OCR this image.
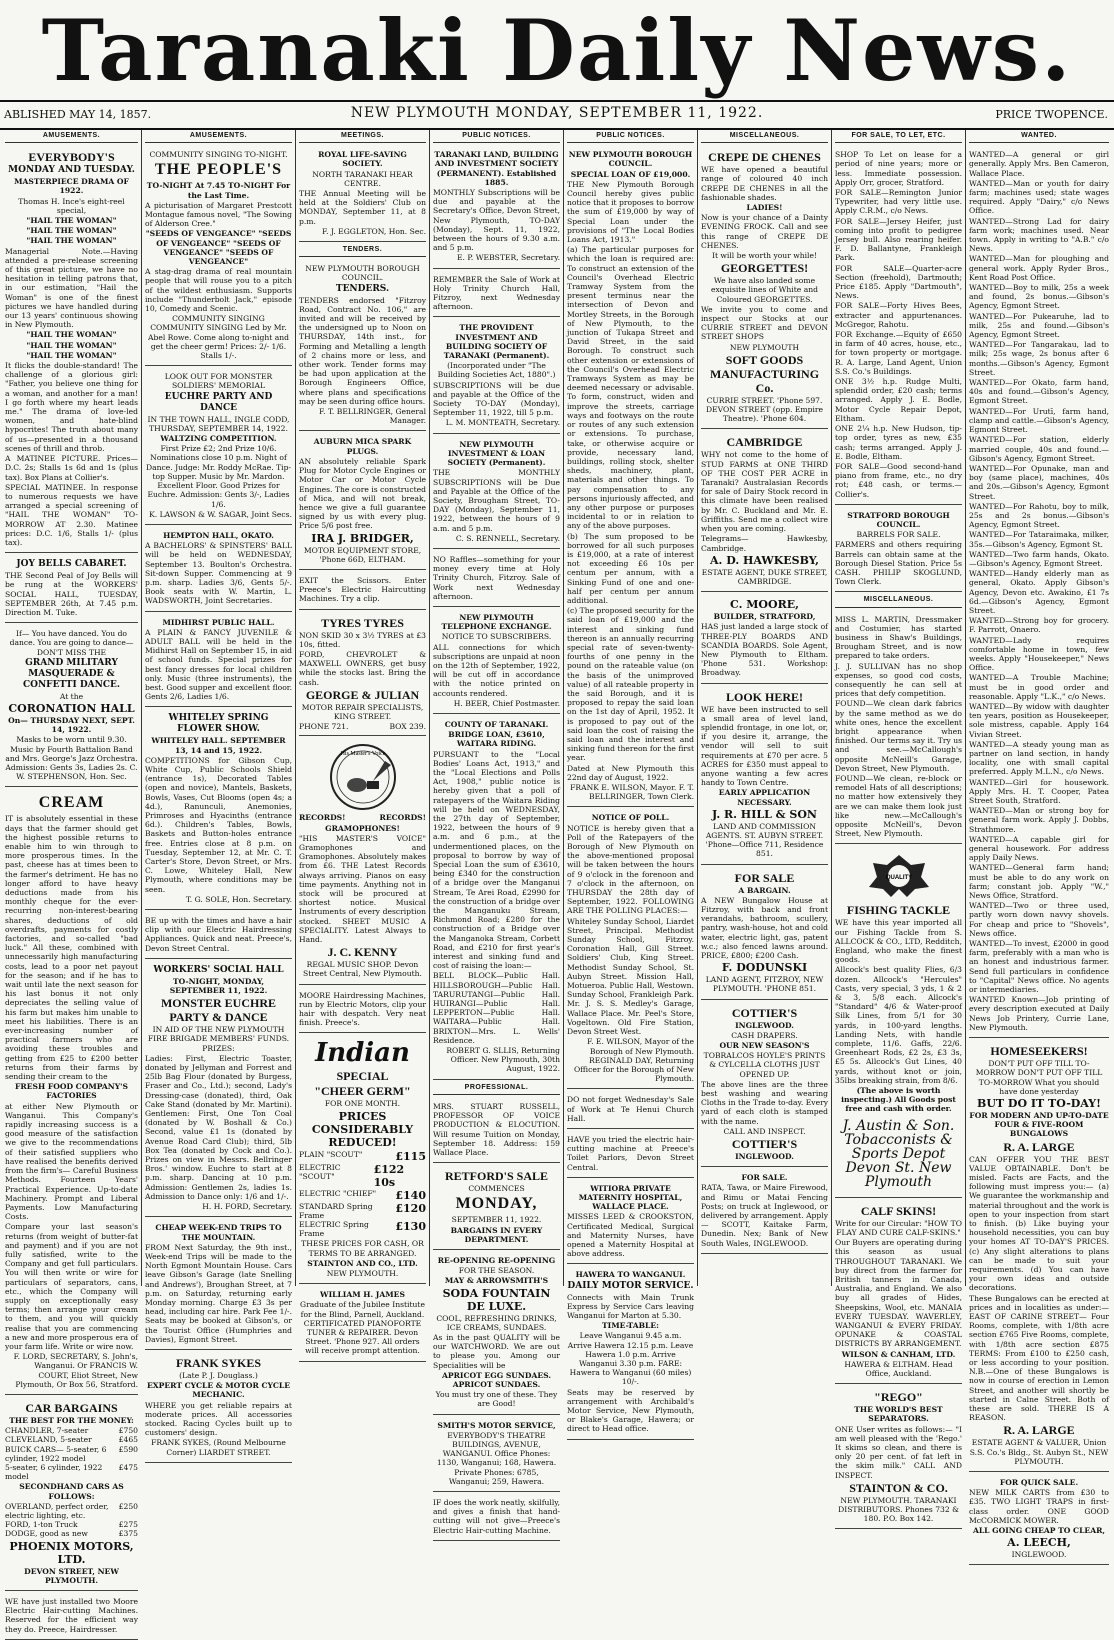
Taranaki Daily News.
ABLISHED MAY 14, 1857.	NEW PLYMOUTH MONDAY, SEPTEMBER 11, 1922.	PRICE TWOPENCE.
AMUSEMENTS.
EVERYBODY'S
MONDAY AND TUESDAY.

MASTERPIECE DRAMA OF 1922.

Thomas H. Ince's eight-reel special,

"HAIL THE WOMAN"

"HAIL THE WOMAN"

"HAIL THE WOMAN"

Managerial Note.—Having attended a pre-release screening of this great picture, we have no hesitation in telling patrons that, in our estimation, "Hail the Woman" is one of the finest pictures we have handled during our 13 years' continuous showing in New Plymouth.

"HAIL THE WOMAN"

"HAIL THE WOMAN"

"HAIL THE WOMAN"

It flicks the double-standard! The challenge of a glorious girl: "Father, you believe one thing for a woman, and another for a man! I go forth where my heart leads me." The drama of love-led women, and hate-blind hypocrites! The truth about many of us—presented in a thousand scenes of thrill and throb.

A MATINEE PICTURE. Prices—D.C. 2s; Stalls 1s 6d and 1s (plus tax). Box Plans at Collier's.

SPECIAL MATINEE. In response to numerous requests we have arranged a special screening of "HAIL THE WOMAN" TO-MORROW AT 2.30. Matinee prices: D.C. 1/6, Stalls 1/- (plus tax).

JOY BELLS CABARET.

THE Second Peal of Joy Bells will be rung at the WORKERS' SOCIAL HALL, TUESDAY, SEPTEMBER 26th, At 7.45 p.m. Direction M. Tuke.

If— You have danced. You do dance. You are going to dance— DON'T MISS THE

GRAND MILITARY MASQUERADE & CONFETTI DANCE.

At the

CORONATION HALL

On— THURSDAY NEXT, SEPT. 14, 1922.

Masks to be worn until 9.30. Music by Fourth Battalion Band and Mrs. George's Jazz Orchestra. Admission: Gents 3s, Ladies 2s. C. W. STEPHENSON, Hon. Sec.

CREAM

IT is absolutely essential in these days that the farmer should get the highest possible returns to enable him to win through to more prosperous times. In the past, cheese has at times been to the farmer's detriment. He has no longer afford to have heavy deductions made from his monthly cheque for the ever-recurring non-interest-bearing shares, deductions of old overdrafts, payments for costly factories, and so-called "bad luck." All these, combined with unnecessarily high manufacturing costs, lead to a poor net payout for the season; and if he has to wait until late the next season for his last bonus it not only depreciates the selling value of his farm but makes him unable to meet his liabilities. There is an ever-increasing number of practical farmers who are avoiding these troubles and getting from £25 to £200 better returns from their farms by sending their cream to the

FRESH FOOD COMPANY'S FACTORIES

at either New Plymouth or Wanganui. This Company's rapidly increasing success is a good measure of the satisfaction we give to the recommendations of their satisfied suppliers who have realised the benefits derived from the firm's— Careful Business Methods. Fourteen Years' Practical Experience. Up-to-date Machinery. Prompt and Liberal Payments. Low Manufacturing Costs.

Compare your last season's returns (from weight of butter-fat and payment) and if you are not fully satisfied, write to the Company and get full particulars. You will then write or wire for particulars of separators, cans, etc., which the Company will supply on exceptionally easy terms; then arrange your cream to them, and you will quickly realise that you are commencing a new and more prosperous era of your farm life. Write or wire now.

F. LORD, SECRETARY, S. John's, Wanganui. Or FRANCIS W. COURT, Eliot Street, New Plymouth, Or Box 56, Stratford.

CAR BARGAINS

THE BEST FOR THE MONEY:

CHANDLER, 7-seater	£750
CLEVELAND, 5-seater	£465
BUICK CARS— 5-seater, 6 cylinder, 1922 model
£590
5-seater, 6 cylinder, 1922 model
£475

SECONDHAND CARS AS FOLLOWS:

OVERLAND, perfect order, electric lighting, etc.
£250
FORD, 1-ton Truck	£275
DODGE, good as new	£375

PHOENIX MOTORS, LTD.

DEVON STREET, NEW PLYMOUTH.

WE have just installed two Moore Electric Hair-cutting Machines. Reserved for the efficient way they do. Preece, Hairdresser.

AMUSEMENTS.

COMMUNITY SINGING TO-NIGHT.

THE PEOPLE'S

TO-NIGHT At 7.45 TO-NIGHT For the Last Time.

A picturisation of Margaret Prestcott Montague famous novel, "The Sowing of Alderson Cree."

"SEEDS OF VENGEANCE" "SEEDS OF VENGEANCE" "SEEDS OF VENGEANCE" "SEEDS OF VENGEANCE"

A stag-drag drama of real mountain people that will rouse you to a pitch of the wildest enthusiasm. Supports include "Thunderbolt Jack," episode 10, Comedy and Scenic.

COMMUNITY SINGING COMMUNITY SINGING Led by Mr. Abel Rowe. Come along to-night and get the cheer germ! Prices: 2/- 1/6. Stalls 1/-.

LOOK OUT FOR MONSTER SOLDIERS' MEMORIAL

EUCHRE PARTY AND DANCE

IN THE TOWN HALL, INGLE CODD, THURSDAY, SEPTEMBER 14, 1922.

WALTZING COMPETITION.

First Prize £2; 2nd Prize 10/6. Nominations close 10 p.m. Night of Dance. Judge: Mr. Roddy McRae. Tip-top Supper. Music by Mr. Mardon. Excellent Floor. Good Prizes for Euchre. Admission: Gents 3/-, Ladies 1/6.

K. LAWSON & W. SAGAR, Joint Secs.

HEMPTON HALL, OKATO.

A BACHELORS' & SPINSTERS' BALL will be held on WEDNESDAY, September 13. Boulton's Orchestra. Sit-down Supper. Commencing at 9 p.m. sharp. Ladies 3/6, Gents 5/-. Book seats with W. Martin, L. WADSWORTH, Joint Secretaries.

MIDHIRST PUBLIC HALL.

A PLAIN & FANCY JUVENILE & ADULT BALL will be held in the Midhirst Hall on September 15, in aid of school funds. Special prizes for best fancy dresses for local children only. Music (three instruments), the best. Good supper and excellent floor. Gents 2/6, Ladies 1/6.

WHITELEY SPRING FLOWER SHOW.

WHITELEY HALL. SEPTEMBER 13, 14 and 15, 1922.

COMPETITIONS for Gibson Cup, White Cup, Public Schools Shield (entrance 1s), Decorated Tables (open and novice), Mantels, Baskets, Bowls, Vases, Cut Blooms (open 4s; a 4d.), Ranunculi, Anemonies, Primroses and Hyacinths (entrance 6d.). Children's Tables, Bowls, Baskets and Button-holes entrance free. Entries close at 8 p.m. on Tuesday, September 12, at Mr. C. T. Carter's Store, Devon Street, or Mrs. C. Lowe, Whiteley Hall, New Plymouth, where conditions may be seen.

T. G. SOLE, Hon. Secretary.

BE up with the times and have a hair clip with our Electric Hairdressing Appliances. Quick and neat. Preece's, Devon Street Central.

WORKERS' SOCIAL HALL

TO-NIGHT, MONDAY, SEPTEMBER 11, 1922.

MONSTER EUCHRE PARTY & DANCE

IN AID OF THE NEW PLYMOUTH FIRE BRIGADE MEMBERS' FUNDS. PRIZES:

Ladies: First, Electric Toaster, donated by Jellyman and Forrest and 25lb Bag Flour (donated by Burgess, Fraser and Co., Ltd.); second, Lady's Dressing-case (donated), third, Oak Cake Stand (donated by Mr. Martini). Gentlemen: First, One Ton Coal (donated by W. Boshall & Co.) Second, value £1 1s (donated by Avenue Road Card Club); third, 5lb Box Tea (donated by Cock and Co.). Prizes on view in Messrs. Bellringer Bros.' window. Euchre to start at 8 p.m. sharp. Dancing at 10 p.m. Admission: Gentlemen 2s, ladies 1s. Admission to Dance only: 1/6 and 1/-.

H. H. FORD, Secretary.

CHEAP WEEK-END TRIPS TO THE MOUNTAIN.

FROM Next Saturday, the 9th inst., Week-end Trips will be made to the North Egmont Mountain House. Cars leave Gibson's Garage (late Snelling and Andrews'), Broughan Street, at 7 p.m. on Saturday, returning early Monday morning. Charge £3 3s per head, including car hire. Park Fee 1/-. Seats may be booked at Gibson's, or the Tourist Office (Humphries and Davies), Egmont Street.

FRANK SYKES

(Late P. J. Douglass.)

EXPERT CYCLE & MOTOR CYCLE MECHANIC.

WHERE you get reliable repairs at moderate prices. All accessories stocked. Racing Cycles built up to customers' design.

FRANK SYKES, (Round Melbourne Corner) LIARDET STREET.

MEETINGS.

ROYAL LIFE-SAVING SOCIETY.

NORTH TARANAKI HEAR CENTRE.

THE Annual Meeting will be held at the Soldiers' Club on MONDAY, September 11, at 8 p.m.

F. J. EGGLETON, Hon. Sec.

TENDERS.

NEW PLYMOUTH BOROUGH COUNCIL.

TENDERS.

TENDERS endorsed "Fitzroy Road, Contract No. 106," are invited and will be received by the undersigned up to Noon on THURSDAY, 14th inst., for Forming and Metalling a length of 2 chains more or less, and other work. Tender forms may be had upon application at the Borough Engineers Office, where plans and specifications may be seen during office hours.

F. T. BELLRINGER, General Manager.

AUBURN MICA SPARK PLUGS.

AN absolutely reliable Spark Plug for Motor Cycle Engines or Motor Car or Motor Cycle Engines. The core is constructed of Mica, and will not break, hence we give a full guarantee signed by us with every plug. Price 5/6 post free.

IRA J. BRIDGER,

MOTOR EQUIPMENT STORE, 'Phone 66D, ELTHAM.

EXIT the Scissors. Enter Preece's Electric Haircutting Machines. Try a clip.

TYRES TYRES

NON SKID 30 x 3½ TYRES at £3 10s, fitted.

FORD, CHEVROLET & MAXWELL OWNERS, get busy while the stocks last. Bring the cash.

GEORGE & JULIAN

MOTOR REPAIR SPECIALISTS, KING STREET.

PHONE 721.	BOX 239.
His Master's Voice
RECORDS!	RECORDS!

GRAMOPHONES!

"HIS MASTER'S VOICE" Gramophones and Gramophones. Absolutely makes from £6. THE Latest Records always arriving. Pianos on easy time payments. Anything not in stock will be procured at shortest notice. Musical Instruments of every description stocked. SHEET MUSIC A SPECIALITY. Latest Always to Hand.

J. C. KENNY

REGAL MUSIC SHOP. Devon Street Central, New Plymouth.

MOORE Hairdressing Machines, run by Electric Motors, clip your hair with despatch. Very neat finish. Preece's.

Indian
SPECIAL
"CHEER GERM"

FOR ONE MONTH.

PRICES CONSIDERABLY REDUCED!

PLAIN "SCOUT"	£115
ELECTRIC "SCOUT"
£122 10s
ELECTRIC "CHIEF" £140
STANDARD Spring Frame
£120
ELECTRIC Spring Frame
£130

THESE PRICES FOR CASH, OR TERMS TO BE ARRANGED.

STAINTON AND CO., LTD.

NEW PLYMOUTH.

WILLIAM H. JAMES

Graduate of the Jubilee Institute for the Blind, Parnell, Auckland. CERTIFICATED PIANOFORTE TUNER & REPAIRER. Devon Street. 'Phone 927. All orders will receive prompt attention.

PUBLIC NOTICES.

TARANAKI LAND, BUILDING AND INVESTMENT SOCIETY (PERMANENT). Established 1885.

MONTHLY Subscriptions will be due and payable at the Secretary's Office, Devon Street, New Plymouth, TO-DAY (Monday), Sept. 11, 1922, between the hours of 9.30 a.m. and 5 p.m.

E. P. WEBSTER, Secretary.

REMEMBER the Sale of Work at Holy Trinity Church Hall, Fitzroy, next Wednesday afternoon.

THE PROVIDENT INVESTMENT AND BUILDING SOCIETY OF TARANAKI (Permanent).

(Incorporated under "The Building Societies Act, 1880".)

SUBSCRIPTIONS will be due and payable at the Office of the Society TO-DAY (Monday), September 11, 1922, till 5 p.m.

L. M. MONTEATH, Secretary.

NEW PLYMOUTH INVESTMENT & LOAN SOCIETY (Permanent).

THE MONTHLY SUBSCRIPTIONS will be Due and Payable at the Office of the Society, Brougham Street, TO-DAY (Monday), September 11, 1922, between the hours of 9 a.m. and 5 p.m.

C. S. RENNELL, Secretary.

NO Raffles—something for your money every time at Holy Trinity Church, Fitzroy. Sale of Work next Wednesday afternoon.

NEW PLYMOUTH TELEPHONE EXCHANGE.

NOTICE TO SUBSCRIBERS.

ALL connections for which subscriptions are unpaid at noon on the 12th of September, 1922, will be cut off in accordance with the notice printed on accounts rendered.

H. BEER, Chief Postmaster.

COUNTY OF TARANAKI.

BRIDGE LOAN, £3610, WAITARA RIDING.

PURSUANT to the "Local Bodies' Loans Act, 1913," and the "Local Elections and Polls Act, 1908," public notice is hereby given that a poll of ratepayers of the Waitara Riding will be held on WEDNESDAY, the 27th day of September, 1922, between the hours of 9 a.m. and 6 p.m., at the undermentioned places, on the proposal to borrow by way of Special Loan the sum of £3610, being £340 for the construction of a bridge over the Manganui Stream, Te Arei Road, £2990 for the construction of a bridge over the Manganuku Stream, Richmond Road; £280 for the construction of a Bridge over the Manganoka Stream, Corbett Road, and £210 for first year's interest and sinking fund and cost of raising the loan:—

BELL BLOCK—Public Hall. HILLSBOROUGH—Public Hall. TARURUTANGI—Public Hall. HUIRANGI—Public Hall. LEPPERTON—Public Hall. WAITARA—Public Hall. BRIXTON—Mrs. L. Wells' Residence.

ROBERT G. SLLIS, Returning Officer. New Plymouth, 30th August, 1922.

PROFESSIONAL.

MRS. STUART RUSSELL, PROFESSOR OF VOICE PRODUCTION & ELOCUTION. Will resume Tuition on Monday, September 18. Address: 159 Wallace Place.

RETFORD'S SALE

COMMENCES

MONDAY,

SEPTEMBER 11, 1922.

BARGAINS IN EVERY DEPARTMENT.

RE-OPENING RE-OPENING

FOR THE SEASON.

MAY & ARROWSMITH'S

SODA FOUNTAIN DE LUXE.

COOL, REFRESHING DRINKS, ICE CREAMS, SUNDAES.

As in the past QUALITY will be our WATCHWORD. We are out to please you. Among our Specialities will be

APRICOT EGG SUNDAES. APRICOT SUNDAES.

You must try one of these. They are Good!

SMITH'S MOTOR SERVICE,

EVERYBODY'S THEATRE BUILDINGS, AVENUE, WANGANUI. Office Phones: 1130, Wanganui; 168, Hawera. Private Phones: 6785, Wanganui; 259, Hawera.

IF does the work neatly, skilfully, and gives a finish that hand-cutting will not give—Preece's Electric Hair-cutting Machine.

PUBLIC NOTICES.

NEW PLYMOUTH BOROUGH COUNCIL.

SPECIAL LOAN OF £19,000.

THE New Plymouth Borough Council hereby gives public notice that it proposes to borrow the sum of £19,000 by way of Special Loan under the provisions of "The Local Bodies Loans Act, 1913."

(a) The particular purposes for which the loan is required are: To construct an extension of the Council's Overhead Electric Tramway System from the present terminus near the intersection of Devon and Mortley Streets, in the Borough of New Plymouth, to the junction of Tukapa Street and David Street, in the said Borough. To construct such other extension or extensions of the Council's Overhead Electric Tramways System as may be deemed necessary or advisable. To form, construct, widen and improve the streets, carriage ways and footways on the route or routes of any such extension or extensions. To purchase, take, or otherwise acquire or provide, necessary land, buildings, rolling stock, shelter sheds, machinery, plant, materials and other things. To pay compensation to any persons injuriously affected, and any other purpose or purposes incidental to or in relation to any of the above purposes.

(b) The sum proposed to be borrowed for all such purposes is £19,000, at a rate of interest not exceeding £6 10s per centum per annum, with a Sinking Fund of one and one-half per centum per annum additional.

(c) The proposed security for the said loan of £19,000 and the interest and sinking fund thereon is an annually recurring special rate of seven-twenty-fourths of one penny in the pound on the rateable value (on the basis of the unimproved value) of all rateable property in the said Borough, and it is proposed to repay the said loan on the 1st day of April, 1952. It is proposed to pay out of the said loan the cost of raising the said loan and the interest and sinking fund thereon for the first year.

Dated at New Plymouth this 22nd day of August, 1922.

FRANK E. WILSON, Mayor. F. T. BELLRINGER, Town Clerk.

NOTICE OF POLL.

NOTICE is hereby given that a Poll of the Ratepayers of the Borough of New Plymouth on the above-mentioned proposal will be taken between the hours of 9 o'clock in the forenoon and 7 o'clock in the afternoon, on THURSDAY the 28th day of September, 1922. FOLLOWING ARE THE POLLING PLACES:—

Whiteley Sunday School, Liardet Street, Principal. Methodist Sunday School, Fitzroy. Coronation Hall, Gill Street. Soldiers' Club, King Street. Methodist Sunday School, St. Aubyn Street. Mission Hall, Motueroa. Public Hall, Westown. Sunday School, Frankleigh Park. Mr. J. S. S. Medley's Garage, Wallace Place. Mr. Peel's Store, Vogeltown. Old Fire Station, Devon Street West.

F. E. WILSON, Mayor of the Borough of New Plymouth. REGINALD DAY, Returning Officer for the Borough of New Plymouth.

DO not forget Wednesday's Sale of Work at Te Henui Church Hall.

HAVE you tried the electric hair-cutting machine at Preece's Toilet Parlors, Devon Street Central.

WITIORA PRIVATE MATERNITY HOSPITAL, WALLACE PLACE.

MISSES LEED & CROOKSTON, Certificated Medical, Surgical and Maternity Nurses, have opened a Maternity Hospital at above address.

HAWERA TO WANGANUI.

DAILY MOTOR SERVICE.

Connects with Main Trunk Express by Service Cars leaving Wanganui for Marton at 5.30.

TIME-TABLE:

Leave Wanganui 9.45 a.m. Arrive Hawera 12.15 p.m. Leave Hawera 1.0 p.m. Arrive Wanganui 3.30 p.m. FARE: Hawera to Wanganui (60 miles) 10/-.

Seats may be reserved by arrangement with Archibald's Motor Service, New Plymouth, or Blake's Garage, Hawera; or direct to Head office.

MISCELLANEOUS.
CREPE DE CHENES

WE have opened a beautiful range of coloured 40 inch CREPE DE CHENES in all the fashionable shades.

LADIES!

Now is your chance of a Dainty EVENING FROCK. Call and see this range of CREPE DE CHENES.

It will be worth your while!

GEORGETTES!

We have also landed some exquisite lines of White and Coloured GEORGETTES.

We invite you to come and inspect our Stocks at our CURRIE STREET and DEVON STREET SHOPS

NEW PLYMOUTH

SOFT GOODS MANUFACTURING Co.

CURRIE STREET. 'Phone 597. DEVON STREET (opp. Empire Theatre). 'Phone 604.

CAMBRIDGE

WHY not come to the home of STUD FARMS at ONE THIRD OF THE COST PER ACRE in Taranaki? Australasian Records for sale of Dairy Stock record in this climate have been realised by Mr. C. Buckland and Mr. E. Griffiths. Send me a collect wire when you are coming.

Telegrams— Hawkesby, Cambridge.

A. D. HAWKESBY,

ESTATE AGENT, DUKE STREET, CAMBRIDGE.

C. MOORE,

BUILDER, STRATFORD,

HAS just landed a large stock of THREE-PLY BOARDS AND SCANDIA BOARDS. Sole Agent, New Plymouth to Eltham. 'Phone 531. Workshop: Broadway.

LOOK HERE!

WE have been instructed to sell a small area of level land, splendid frontage, in one lot, or, if you desire it, arrange, the vendor will sell to suit requirements at £70 per acre. 5 ACRES for £350 must appeal to anyone wanting a few acres handy to Town Centre.

EARLY APPLICATION NECESSARY.

J. R. HILL & SON

LAND AND COMMISSION AGENTS. ST. AUBYN STREET. 'Phone—Office 711, Residence 851.

FOR SALE

A BARGAIN.

A NEW Bungalow House at Fitzroy, with back and front verandahs, bathroom, scullery, pantry, wash-house, hot and cold water, electric light, gas, patent w.c.; also fenced lawns around. PRICE, £800; £200 Cash.

F. DODUNSKI

LAND AGENT, FITZROY, NEW PLYMOUTH. 'PHONE 851.

COTTIER'S

INGLEWOOD.

CASH DRAPERS.

OUR NEW SEASON'S

TOBRALCOS HOYLE'S PRINTS & CYLCELLA CLOTHS JUST OPENED UP.

The above lines are the three best washing and wearing Cloths in the Trade to-day. Every yard of each cloth is stamped with the name.

CALL AND INSPECT.

COTTIER'S

INGLEWOOD.

FOR SALE.

RATA, Tawa, or Maire Firewood, and Rimu or Matai Fencing Posts; on truck at Inglewood, or delivered by arrangement. Apply— SCOTT, Kaitake Farm, Dunedin. Nex; Bank of New South Wales, INGLEWOOD.

FOR SALE, TO LET, ETC.

SHOP To Let on lease for a period of nine years; more or less. Immediate possession. Apply Orr, grocer, Stratford.

FOR SALE—Remington Junior Typewriter, had very little use. Apply C.R.M., c/o News.

FOR SALE—Jersey Heifer, just coming into profit to pedigree Jersey bull. Also rearing heifer. F. D. Ballantyne, Frankleigh Park.

FOR SALE—Quarter-acre Section (freehold), Dartmouth; Price £185. Apply "Dartmouth", News.

FOR SALE—Forty Hives Bees, extracter and appurtenances. McGregor, Rahotu.

FOR Exchange.—Equity of £650 in farm of 40 acres, house, etc., for town property or mortgage. R. A. Large, Land Agent, Union S.S. Co.'s Buildings.

ONE 3½ h.p. Rudge Multi, splendid order, £20 cash; terms arranged. Apply J. E. Bodle, Motor Cycle Repair Depot, Eltham.

ONE 2¼ h.p. New Hudson, tip-top order, tyres as new, £35 cash; terms arranged. Apply J. E. Bodle, Eltham.

FOR SALE—Good second-hand piano from frame, etc., no dry rot; £48 cash, or terms.—Collier's.

STRATFORD BOROUGH COUNCIL.

BARRELS FOR SALE.

FARMERS and others requiring Barrels can obtain same at the Borough Diesel Station. Price 5s CASH. PHILIP SKOGLUND, Town Clerk.

MISCELLANEOUS.

MISS L. MARTIN, Dressmaker and Costumier, has started business in Shaw's Buildings, Brougham Street, and is now prepared to take orders.

J. J. SULLIVAN has no shop expenses, so good cod costs, consequently he can sell at prices that defy competition.

FOUND—We clean dark fabrics by the same method as we do white ones, hence the excellent bright appearance when finished. Our terms say it. Try us and see.—McCallough's opposite McNeill's Garage, Devon Street, New Plymouth.

FOUND—We clean, re-block or remodel Hats of all descriptions; no matter how extensively they are we can make them look just like new.—McCallough's opposite McNeill's, Devon Street, New Plymouth.

QUALITY
FISHING TACKLE

WE have this year imported all our Fishing Tackle from S. ALLCOCK & CO., LTD, Redditch, England, who make the finest goods.

Allcock's best quality Flies, 6/3 dozen. Allcock's "Hercules" Casts, very special, 3 yds, 1 & 2 & 3, 5/8 each. Allcock's "Standard" 4/6 & Water-proof Silk Lines, from 5/1 for 30 yards, in 100-yard lengths. Landing Nets, with handle complete, 11/6. Gaffs, 22/6. Greenheart Rods, £2 2s, £3 3s, £5 5s. Allcock's Gut Lines, 40 yards, without knot or join, 35lbs breaking strain, from 8/6.

(The above is worth inspecting.) All Goods post free and cash with order.

J. Austin & Son. Tobacconists & Sports Depot Devon St. New Plymouth
CALF SKINS!

Write for our Circular: "HOW TO FLAY AND CURE CALF-SKINS."

Our Buyers are operating during this season as usual THROUGHOUT TARANAKI. We buy direct from the farmer for British tanners in Canada, Australia, and England. We also buy all grades of Hides, Sheepskins, Wool, etc. MANAIA EVERY TUESDAY. WAVERLEY, WANGANUI & EVERY FRIDAY. OPUNAKE & COASTAL DISTRICTS BY ARRANGEMENT.

WILSON & CANHAM, LTD.

HAWERA & ELTHAM. Head Office, Auckland.

"REGO"

THE WORLD'S BEST SEPARATORS.

ONE User writes as follows:— "I am well pleased with the 'Rego.' It skims so clean, and there is only 20 per cent. of fat left in the skim milk." CALL AND INSPECT.

STAINTON & CO.

NEW PLYMOUTH. TARANAKI DISTRIBUTORS. Phones 732 & 180. P.O. Box 142.

WANTED.

WANTED—A general or girl generally. Apply Mrs. Ben Cameron, Wallace Place.

WANTED—Man or youth for dairy farm; machines used; state wages required. Apply "Dairy," c/o News Office.

WANTED—Strong Lad for dairy farm work; machines used. Near town. Apply in writing to "A.B." c/o News.

WANTED—Man for ploughing and general work. Apply Ryder Bros., Kent Road Post Office.

WANTED—Boy to milk, 25s a week and found, 2s bonus.—Gibson's Agency, Egmont Street.

WANTED—For Pukearuhe, lad to milk, 25s and found.—Gibson's Agency, Egmont Street.

WANTED—For Tangarakau, lad to milk; 25s wage, 2s bonus after 6 months.—Gibson's Agency, Egmont Street.

WANTED—For Okato, farm hand, 40s and found.—Gibson's Agency, Egmont Street.

WANTED—For Urutī, farm hand, clamp and cattle.—Gibson's Agency, Egmont Street.

WANTED—For station, elderly married couple, 40s and found.—Gibson's Agency, Egmont Street.

WANTED—For Opunake, man and boy (same place), machines, 40s and 20s.—Gibson's Agency, Egmont Street.

WANTED—For Rahotu, boy to milk, 25s and 2s bonus.—Gibson's Agency, Egmont Street.

WANTED—For Tataraimaka, milker, 35s.—Gibson's Agency, Egmont St.

WANTED—Two farm hands, Okato.—Gibson's Agency, Egmont Street.

WANTED—Handy elderly man as general, Okato. Apply Gibson's Agency, Devon etc. Awakino, £1 7s 6d.—Gibson's Agency, Egmont Street.

WANTED—Strong boy for grocery. F. Parrott, Onaero.

WANTED—Lady requires comfortable home in town, few weeks. Apply "Housekeeper," News Office.

WANTED—A Trouble Machine; must be in good order and reasonable. Apply "L.K.," c/o News.

WANTED—By widow with daughter ten years, position as Housekeeper, sole mistress, capable. Apply 164 Vivian Street.

WANTED—A steady young man as partner on land section, in handy locality, one with small capital preferred. Apply M.L.N., c/o News.

WANTED—Girl for housework. Apply Mrs. H. T. Cooper, Patea Street South, Stratford.

WANTED—Man or strong boy for general farm work. Apply J. Dobbs, Strathmore.

WANTED—A capable girl for general housework. For address apply Daily News.

WANTED—General farm hand; must be able to do any work on farm; constant job. Apply "W.," News Office, Stratford.

WANTED—Two or three used, partly worn down navvy shovels. For cheap and price to "Shovels", News office.

WANTED—To invest, £2000 in good farm, preferably with a man who is an honest and industrious farmer. Send full particulars in confidence to "Capital" News office. No agents or intermediaries.

WANTED Known—Job printing of every description executed at Daily News Job Printery, Currie Lane, New Plymouth.

HOMESEEKERS!

DON'T PUT OFF TILL TO-MORROW DON'T PUT OFF TILL TO-MORROW What you should have done yesterday

BUT DO IT TO-DAY!

FOR MODERN AND UP-TO-DATE FOUR & FIVE-ROOM BUNGALOWS

R. A. LARGE

CAN OFFER YOU THE BEST VALUE OBTAINABLE. Don't be misled. Facts are Facts, and the following must impress you:— (a) We guarantee the workmanship and material throughout and the work is open to your inspection from start to finish. (b) Like buying your household necessities, you can buy your homes AT TO-DAY'S PRICES. (c) Any slight alterations to plans can be made to suit your requirements. (d) You can have your own ideas and outside decorations.

These Bungalows can be erected at prices and in localities as under:— EAST OF CARINE STREET— Four Rooms, complete, with 1/8th acre section £765 Five Rooms, complete, with 1/8th acre section £875 TERMS: From £100 to £250 cash, or less according to your position. N.B.—One of these Bungalows is now in course of erection in Lemon Street, and another will shortly be started in Calne Street. Both of these are sold. THERE IS A REASON.

R. A. LARGE

ESTATE AGENT & VALUER, Union S.S. Co.'s Bldg., St. Aubyn St., NEW PLYMOUTH.

FOR QUICK SALE.

NEW MILK CARTS from £30 to £35. TWO LIGHT TRAPS in first-class order. ONE GOOD McCORMICK MOWER.

ALL GOING CHEAP TO CLEAR,

A. LEECH,

INGLEWOOD.
